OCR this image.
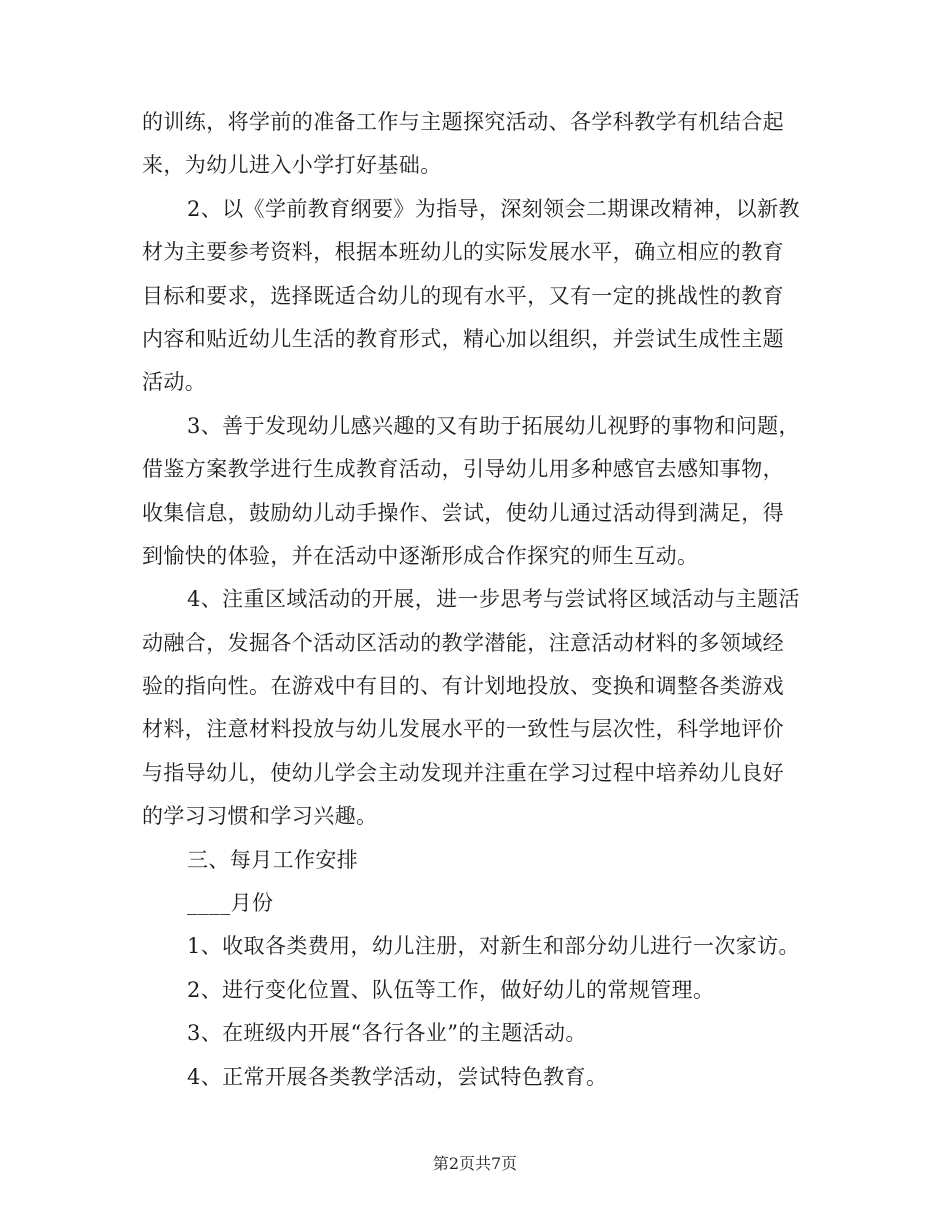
的训练，将学前的准备工作与主题探究活动、各学科教学有机结合起
来，为幼儿进入小学打好基础。
2、以《学前教育纲要》为指导，深刻领会二期课改精神，以新教
材为主要参考资料，根据本班幼儿的实际发展水平，确立相应的教育
目标和要求，选择既适合幼儿的现有水平，又有一定的挑战性的教育
内容和贴近幼儿生活的教育形式，精心加以组织，并尝试生成性主题
活动。
3、善于发现幼儿感兴趣的又有助于拓展幼儿视野的事物和问题，
借鉴方案教学进行生成教育活动，引导幼儿用多种感官去感知事物，
收集信息，鼓励幼儿动手操作、尝试，使幼儿通过活动得到满足，得
到愉快的体验，并在活动中逐渐形成合作探究的师生互动。
4、注重区域活动的开展，进一步思考与尝试将区域活动与主题活
动融合，发掘各个活动区活动的教学潜能，注意活动材料的多领域经
验的指向性。在游戏中有目的、有计划地投放、变换和调整各类游戏
材料，注意材料投放与幼儿发展水平的一致性与层次性，科学地评价
与指导幼儿，使幼儿学会主动发现并注重在学习过程中培养幼儿良好
的学习习惯和学习兴趣。
三、每月工作安排
____月份
1、收取各类费用，幼儿注册，对新生和部分幼儿进行一次家访。
2、进行变化位置、队伍等工作，做好幼儿的常规管理。
3、在班级内开展“各行各业”的主题活动。
4、正常开展各类教学活动，尝试特色教育。
第2页共7页
